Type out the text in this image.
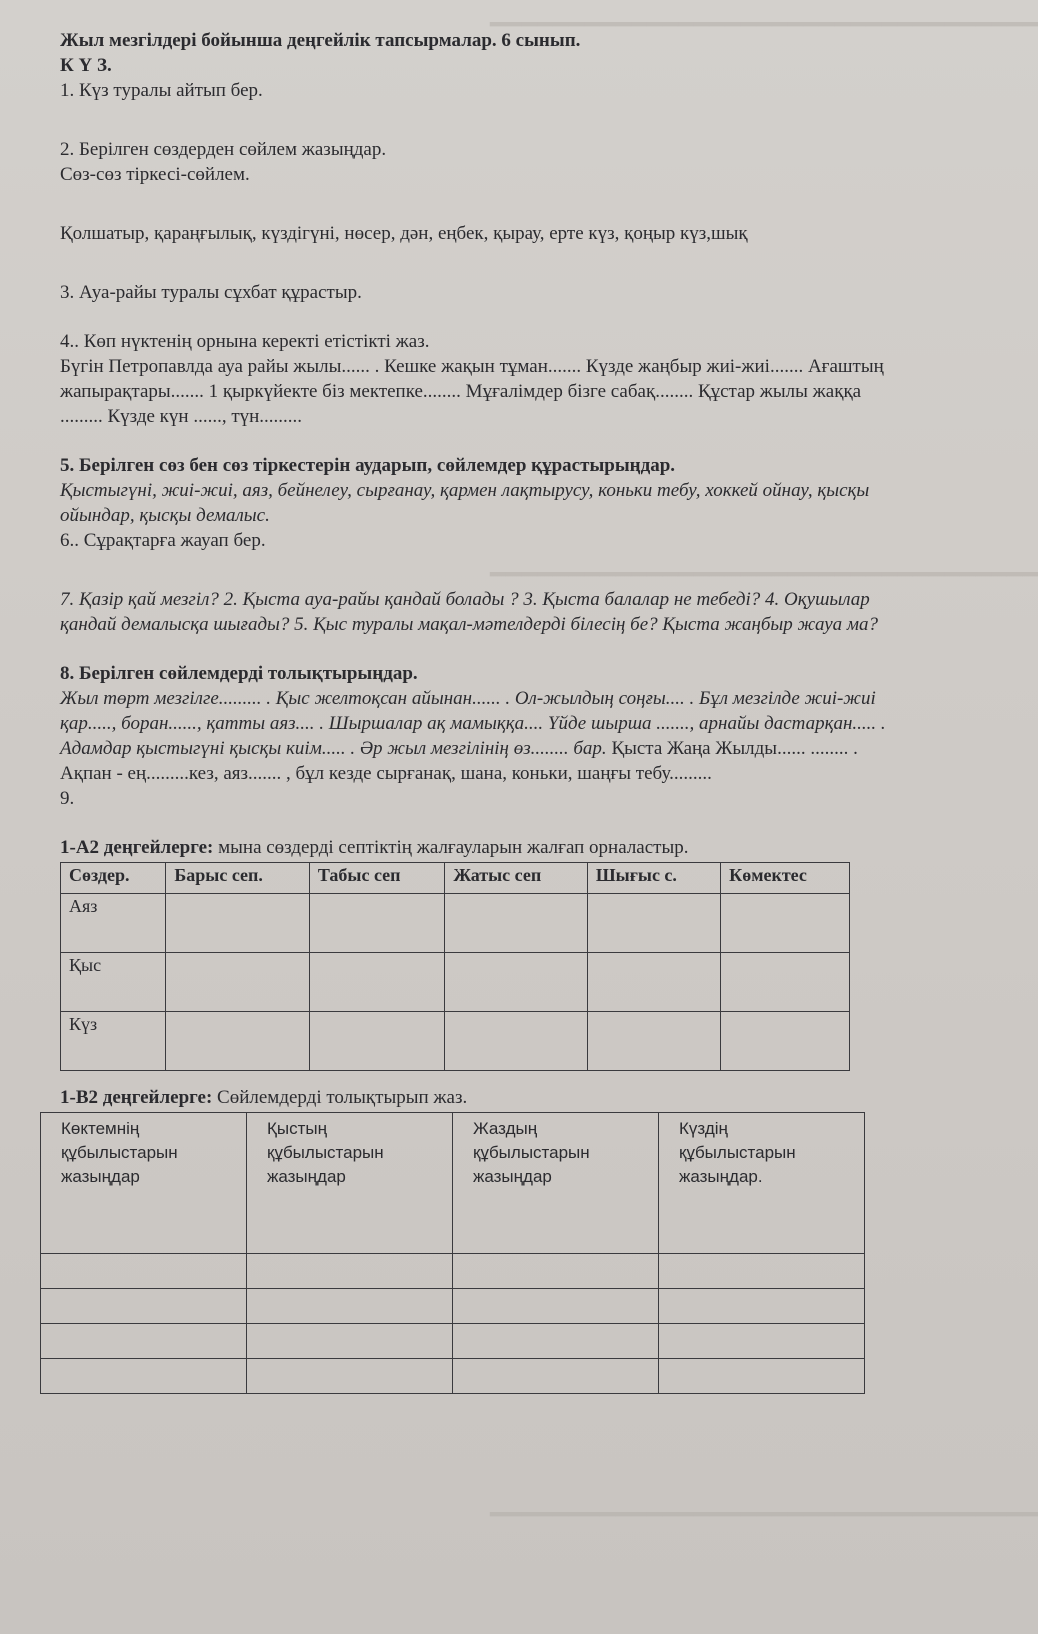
━━━━━━━━━━━━━━━━━━━━━━━━━━━━━━━━━━━
━━━━━━━━━━━━━━━━━━━━━━━━━━━━━━━━━━━
━━━━━━━━━━━━━━━━━━━━━━━━━━━━━━━━━━━
Жыл мезгілдері бойынша деңгейлік тапсырмалар. 6 сынып.
К Ү З.
1. Күз туралы айтып бер.
2. Берілген сөздерден сөйлем жазыңдар.
Сөз-сөз тіркесі-сөйлем.
Қолшатыр, қараңғылық, күздігүні, нөсер, дән, еңбек, қырау, ерте күз, қоңыр күз,шық
3. Ауа-райы туралы сұхбат құрастыр.
4.. Көп нүктенің орнына керекті етістікті жаз.
Бүгін Петропавлда ауа райы жылы...... . Кешке жақын тұман....... Күзде жаңбыр жиі-жиі....... Ағаштың
жапырақтары....... 1 қыркүйекте біз мектепке........ Мұғалімдер бізге сабақ........ Құстар жылы жаққа
......... Күзде күн ......, түн.........
5. Берілген сөз бен сөз тіркестерін аударып, сөйлемдер құрастырыңдар.
Қыстыгүні, жиі-жиі, аяз, бейнелеу, сырғанау, қармен лақтырусу, коньки тебу, хоккей ойнау, қысқы
ойындар, қысқы демалыс.
6.. Сұрақтарға жауап бер.
7. Қазір қай мезгіл? 2. Қыста ауа-райы қандай болады ? 3. Қыста балалар не тебеді? 4. Оқушылар
қандай демалысқа шығады? 5. Қыс туралы мақал-мәтелдерді білесің бе? Қыста жаңбыр жауа ма?
8. Берілген сөйлемдерді толықтырыңдар.
Жыл төрт мезгілге......... . Қыс желтоқсан айынан...... . Ол-жылдың соңғы.... . Бұл мезгілде жиі-жиі
қар....., боран......, қатты аяз.... . Шыршалар ақ мамыққа.... Үйде шырша ......., арнайы дастарқан..... .
Адамдар қыстыгүні қысқы киім..... . Әр жыл мезгілінің өз........ бар. Қыста Жаңа Жылды...... ........ .
Ақпан - ең.........кез, аяз....... , бұл кезде сырғанақ, шана, коньки, шаңғы тебу.........
9.
1-А2 деңгейлерге: мына сөздерді септіктің жалғауларын жалғап орналастыр.
Сөздер.	Барыс сеп.	Табыс сеп	Жатыс сеп	Шығыс с.	Көмектес
Аяз					
Қыс					
Күз					
1-В2 деңгейлерге: Сөйлемдерді толықтырып жаз.
Көктемнің құбылыстарын жазыңдар	Қыстың құбылыстарын жазыңдар	Жаздың құбылыстарын жазыңдар	Күздің құбылыстарын жазыңдар.
